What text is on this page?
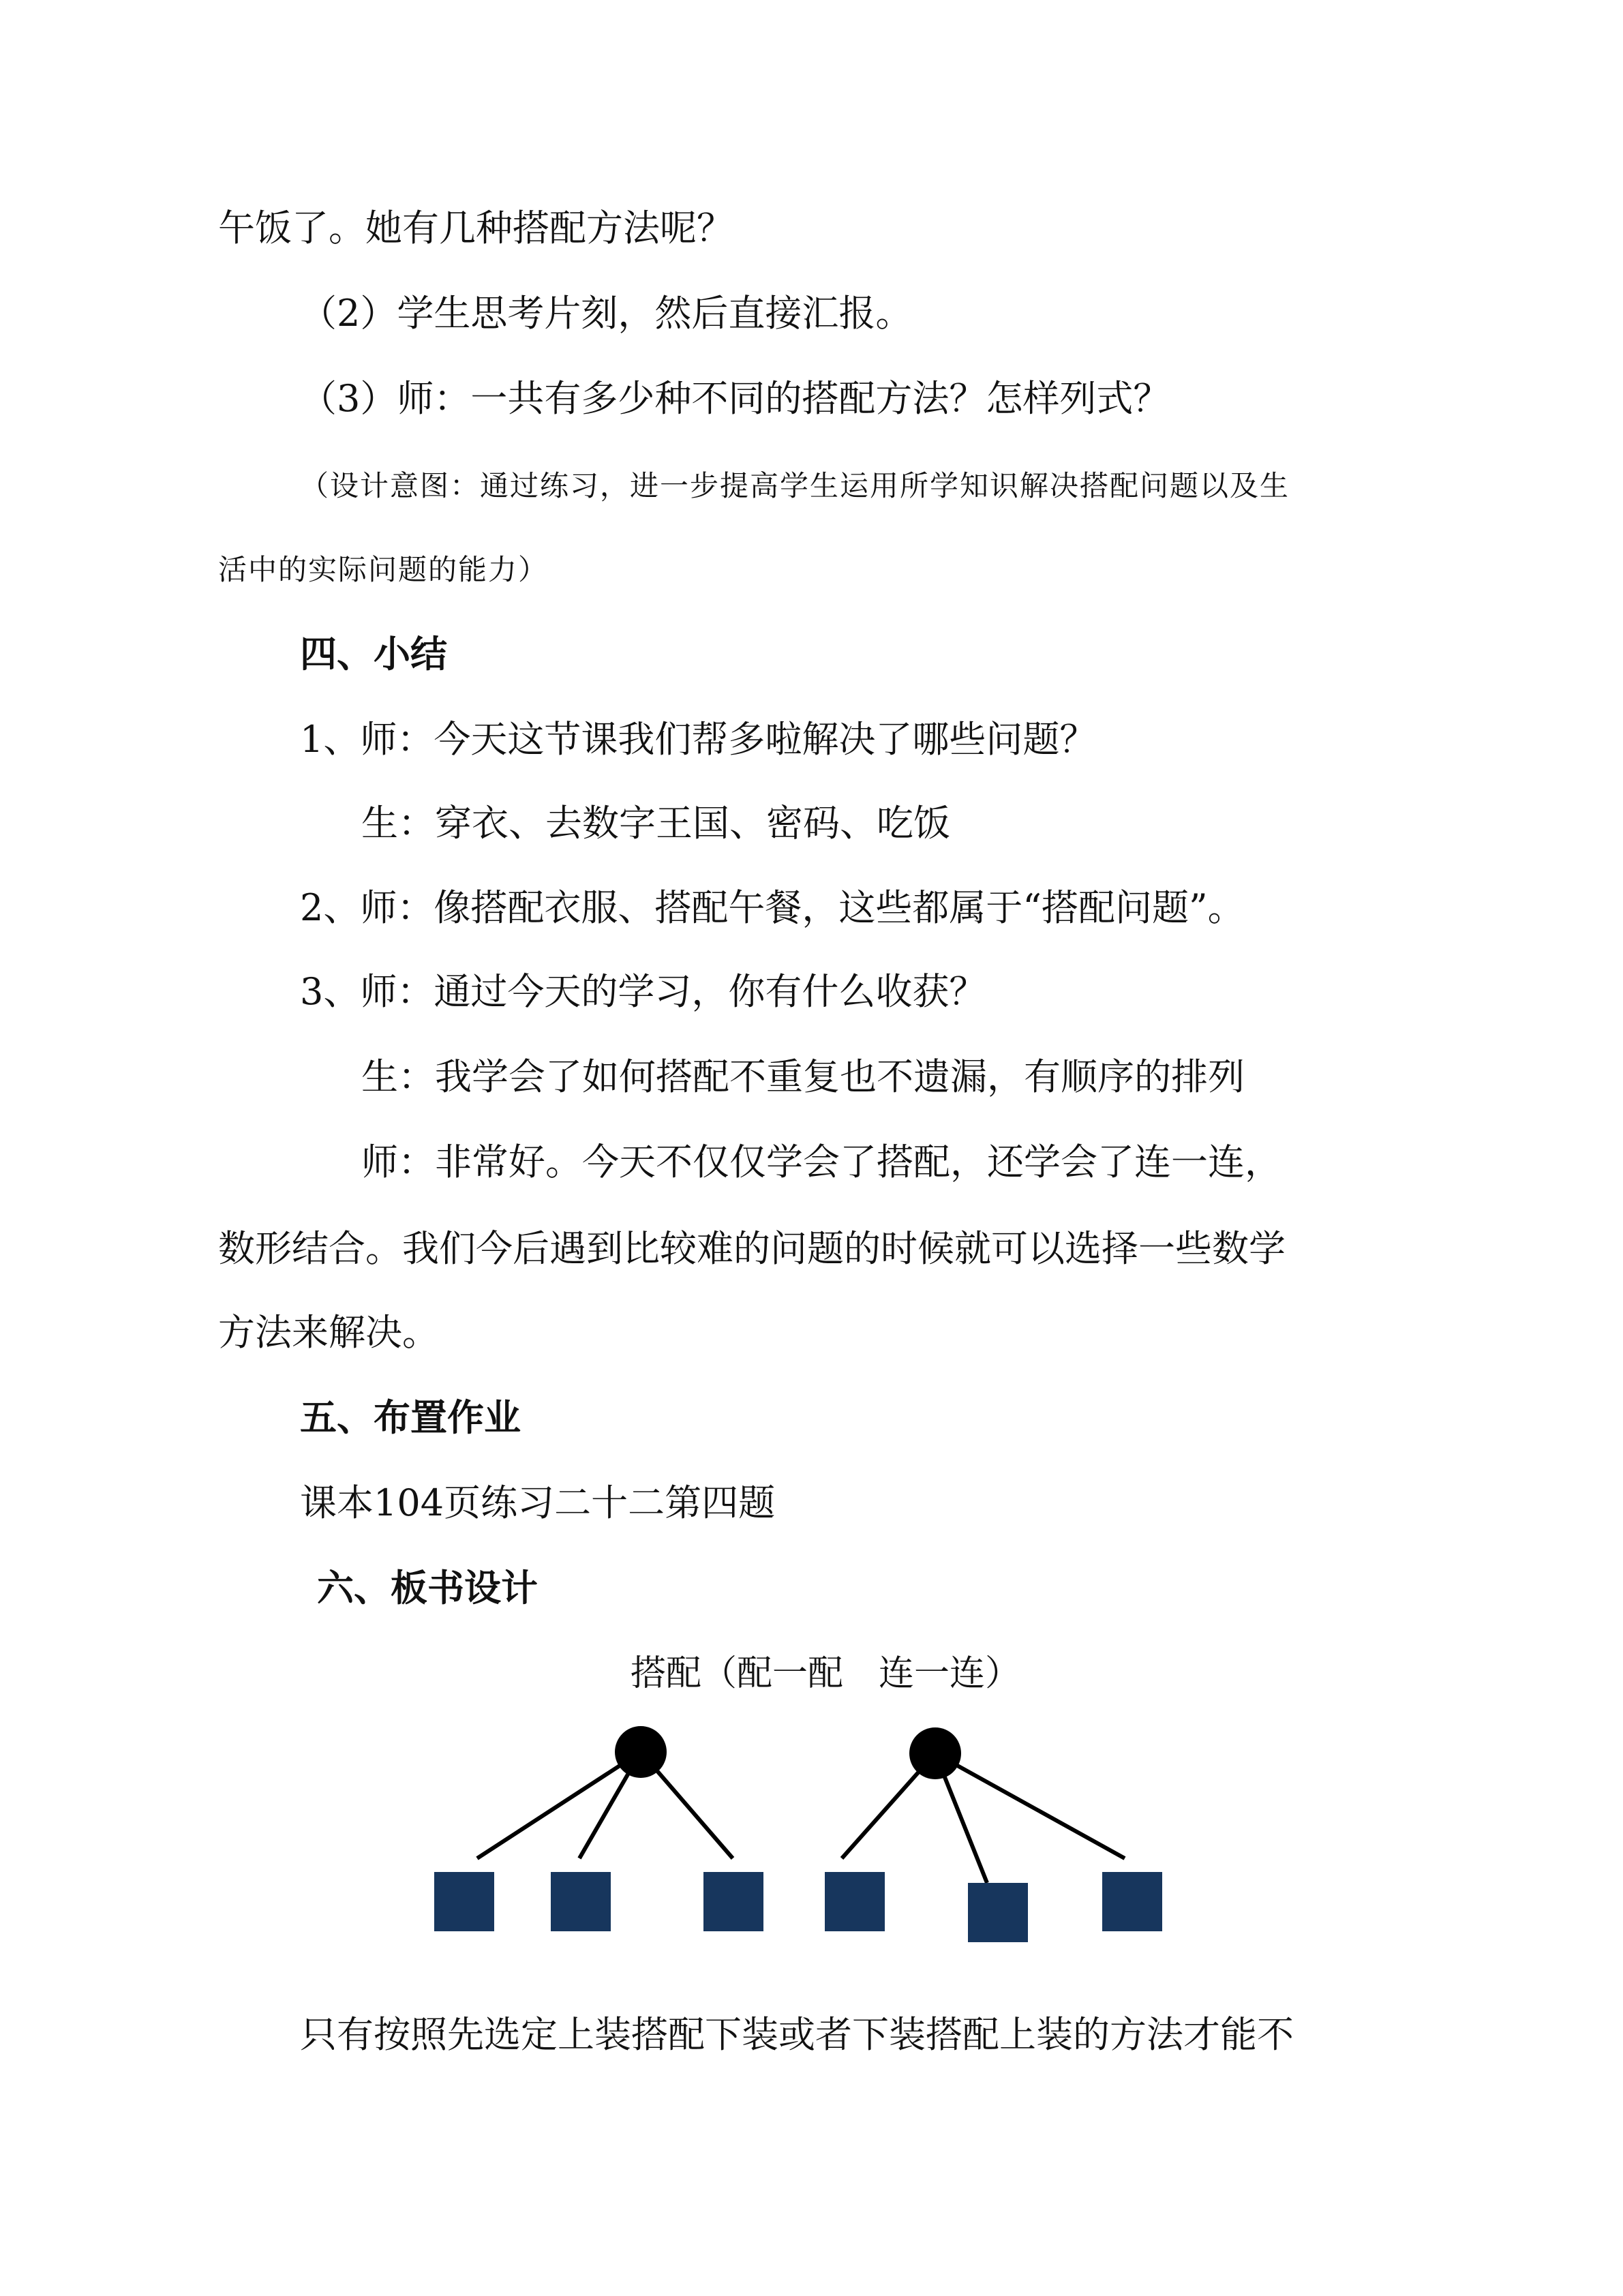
午饭了。她有几种搭配方法呢？
（2）学生思考片刻，然后直接汇报。
（3）师：一共有多少种不同的搭配方法？怎样列式？
（设计意图：通过练习，进一步提高学生运用所学知识解决搭配问题以及生
活中的实际问题的能力）
四、小结
1、师：今天这节课我们帮多啦解决了哪些问题？
生：穿衣、去数字王国、密码、吃饭
2、师：像搭配衣服、搭配午餐，这些都属于“搭配问题”。
3、师：通过今天的学习，你有什么收获？
生：我学会了如何搭配不重复也不遗漏，有顺序的排列
师：非常好。今天不仅仅学会了搭配，还学会了连一连，
数形结合。我们今后遇到比较难的问题的时候就可以选择一些数学
方法来解决。
五、布置作业
课本104页练习二十二第四题
六、板书设计
搭配（配一配　连一连）
只有按照先选定上装搭配下装或者下装搭配上装的方法才能不
